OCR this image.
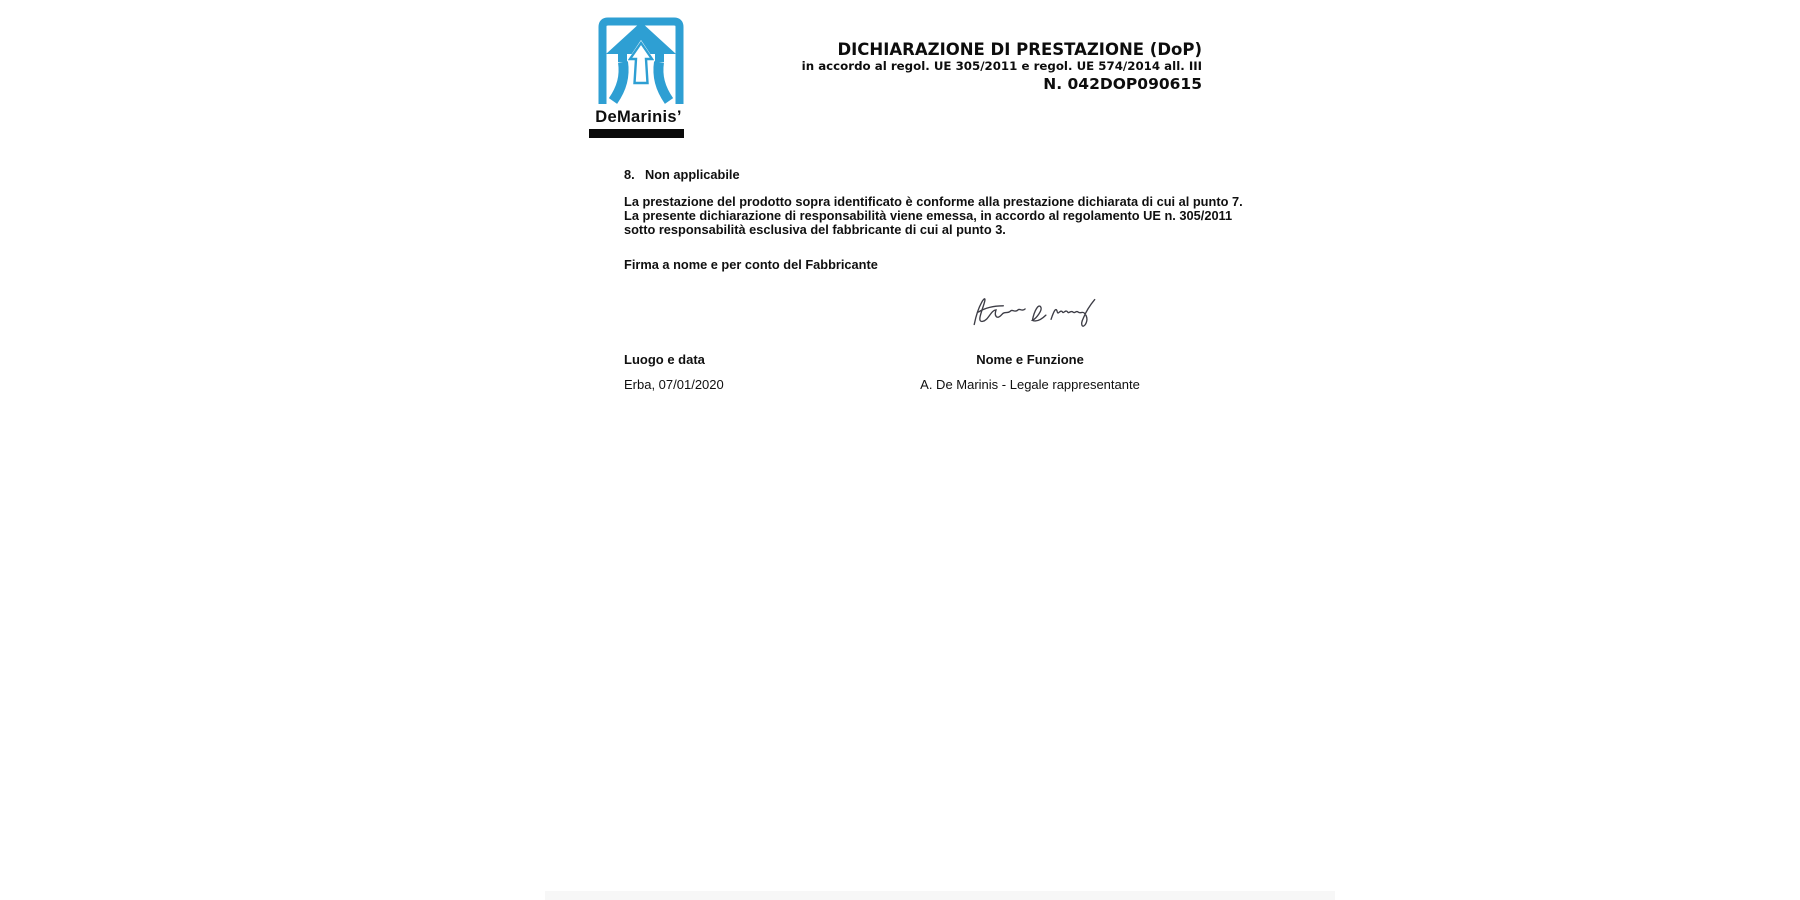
DeMarinis’
DICHIARAZIONE DI PRESTAZIONE (DoP)
in accordo al regol. UE 305/2011 e regol. UE 574/2014 all. III
N. 042DOP090615
8. Non applicabile
La prestazione del prodotto sopra identificato è conforme alla prestazione dichiarata di cui al punto 7.
La presente dichiarazione di responsabilità viene emessa, in accordo al regolamento UE n. 305/2011
sotto responsabilità esclusiva del fabbricante di cui al punto 3.
Firma a nome e per conto del Fabbricante
Luogo e data	Nome e Funzione
Erba, 07/01/2020	A. De Marinis - Legale rappresentante
